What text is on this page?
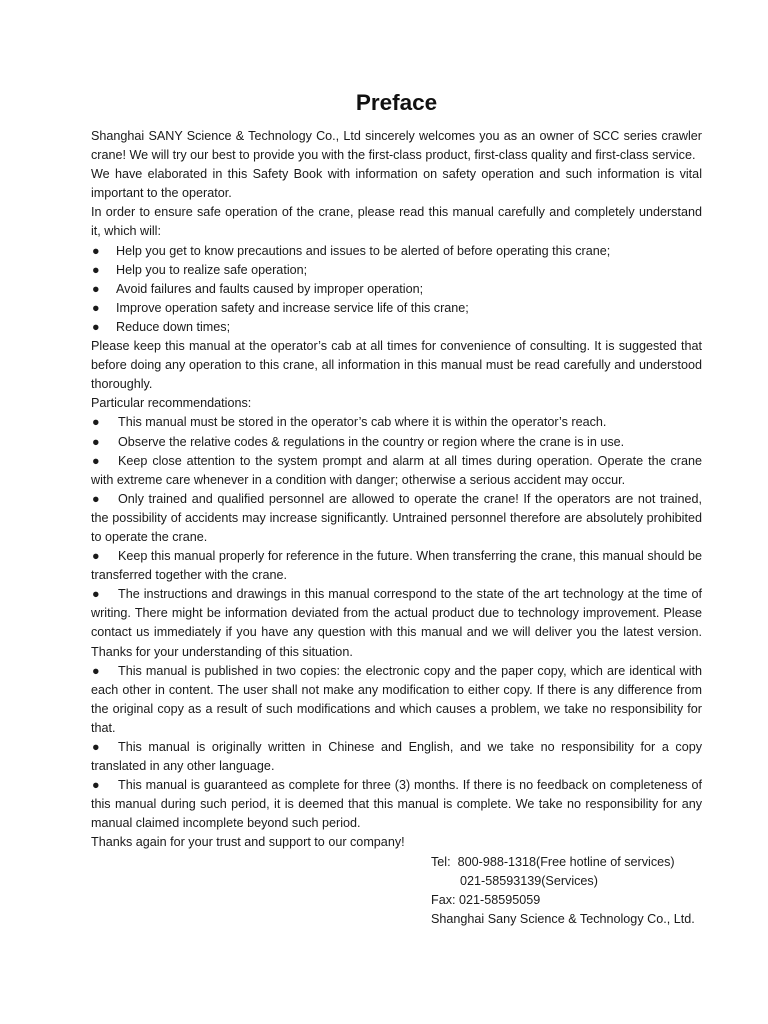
Preface

Shanghai SANY Science & Technology Co., Ltd sincerely welcomes you as an owner of SCC series crawler crane! We will try our best to provide you with the first-class product, first-class quality and first-class service.

We have elaborated in this Safety Book with information on safety operation and such information is vital important to the operator.

In order to ensure safe operation of the crane, please read this manual carefully and completely understand it, which will:

● Help you get to know precautions and issues to be alerted of before operating this crane;
● Help you to realize safe operation;
● Avoid failures and faults caused by improper operation;
● Improve operation safety and increase service life of this crane;
● Reduce down times;

Please keep this manual at the operator’s cab at all times for convenience of consulting. It is suggested that before doing any operation to this crane, all information in this manual must be read carefully and understood thoroughly.

Particular recommendations:

● This manual must be stored in the operator’s cab where it is within the operator’s reach.

● Observe the relative codes & regulations in the country or region where the crane is in use.

● Keep close attention to the system prompt and alarm at all times during operation. Operate the crane with extreme care whenever in a condition with danger; otherwise a serious accident may occur.

● Only trained and qualified personnel are allowed to operate the crane! If the operators are not trained, the possibility of accidents may increase significantly. Untrained personnel therefore are absolutely prohibited to operate the crane.

● Keep this manual properly for reference in the future. When transferring the crane, this manual should be transferred together with the crane.

● The instructions and drawings in this manual correspond to the state of the art technology at the time of writing. There might be information deviated from the actual product due to technology improvement. Please contact us immediately if you have any question with this manual and we will deliver you the latest version. Thanks for your understanding of this situation.

● This manual is published in two copies: the electronic copy and the paper copy, which are identical with each other in content. The user shall not make any modification to either copy. If there is any difference from the original copy as a result of such modifications and which causes a problem, we take no responsibility for that.

● This manual is originally written in Chinese and English, and we take no responsibility for a copy translated in any other language.

● This manual is guaranteed as complete for three (3) months. If there is no feedback on completeness of this manual during such period, it is deemed that this manual is complete. We take no responsibility for any manual claimed incomplete beyond such period.

Thanks again for your trust and support to our company!

Tel: 800-988-1318(Free hotline of services)
021-58593139(Services)
Fax: 021-58595059
Shanghai Sany Science & Technology Co., Ltd.
